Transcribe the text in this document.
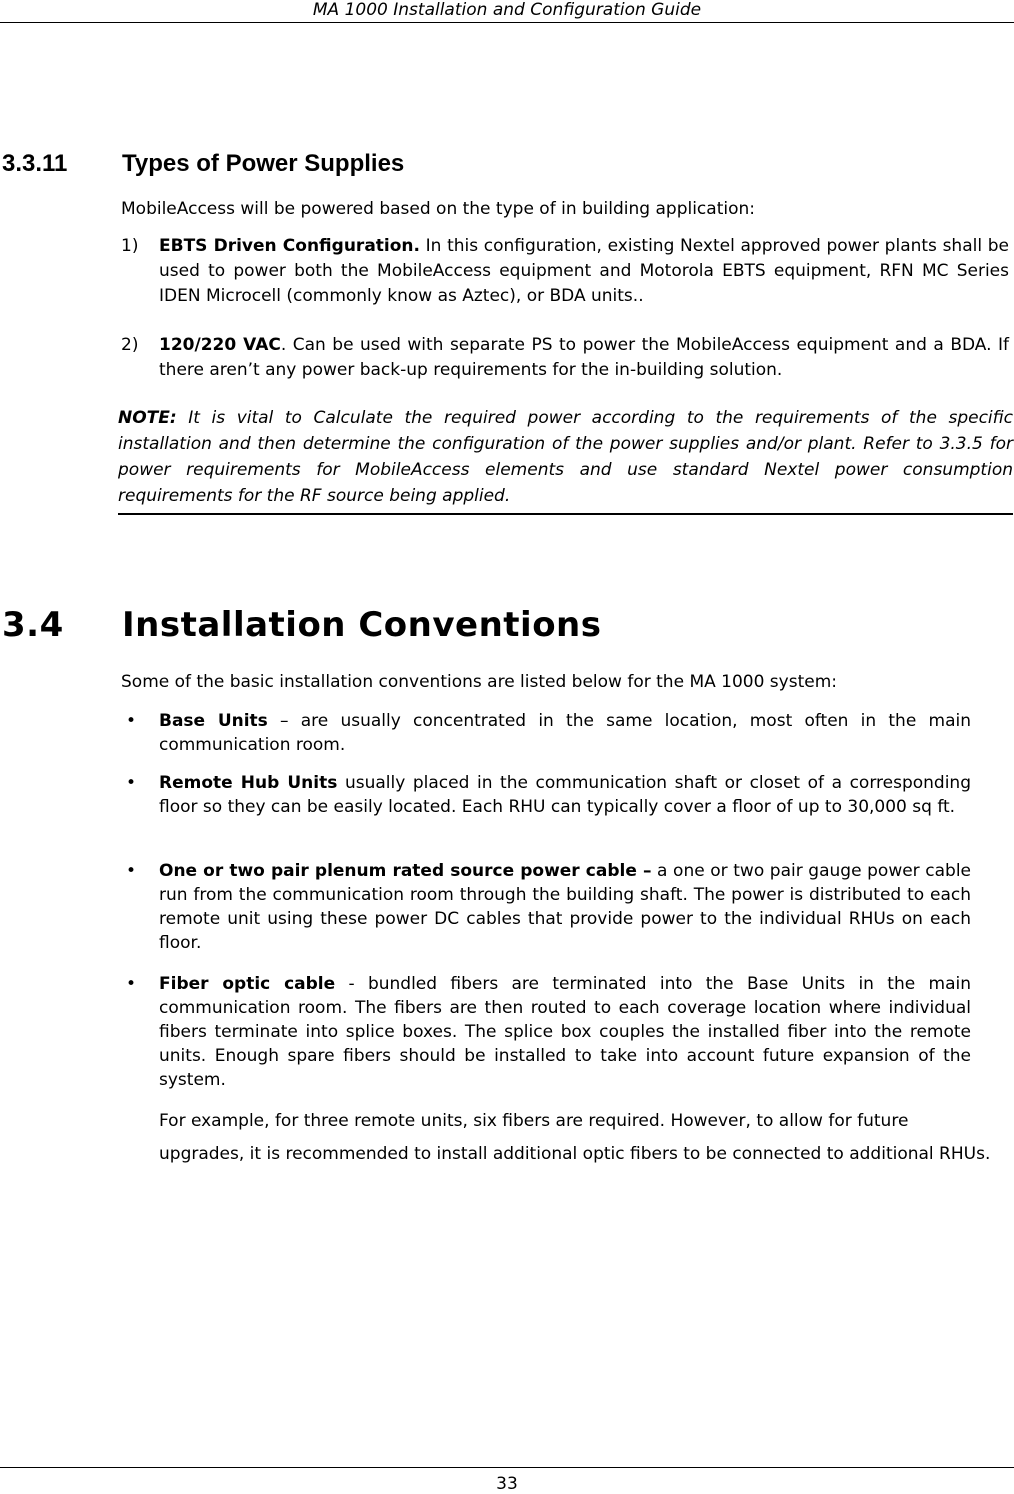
MA 1000 Installation and Configuration Guide
3.3.11 Types of Power Supplies
MobileAccess will be powered based on the type of in building application:
1) EBTS Driven Configuration. In this configuration, existing Nextel approved power plants shall be used to power both the MobileAccess equipment and Motorola EBTS equipment, RFN MC Series IDEN Microcell (commonly know as Aztec), or BDA units..
2) 120/220 VAC. Can be used with separate PS to power the MobileAccess equipment and a BDA. If there aren’t any power back-up requirements for the in-building solution.
NOTE: It is vital to Calculate the required power according to the requirements of the specific installation and then determine the configuration of the power supplies and/or plant. Refer to 3.3.5 for power requirements for MobileAccess elements and use standard Nextel power consumption requirements for the RF source being applied.
3.4 Installation Conventions
Some of the basic installation conventions are listed below for the MA 1000 system:
• Base Units – are usually concentrated in the same location, most often in the main communication room.
• Remote Hub Units usually placed in the communication shaft or closet of a corresponding floor so they can be easily located. Each RHU can typically cover a floor of up to 30,000 sq ft.
• One or two pair plenum rated source power cable – a one or two pair gauge power cable run from the communication room through the building shaft. The power is distributed to each remote unit using these power DC cables that provide power to the individual RHUs on each floor.
• Fiber optic cable - bundled fibers are terminated into the Base Units in the main communication room. The fibers are then routed to each coverage location where individual fibers terminate into splice boxes. The splice box couples the installed fiber into the remote units. Enough spare fibers should be installed to take into account future expansion of the system.
For example, for three remote units, six fibers are required. However, to allow for future upgrades, it is recommended to install additional optic fibers to be connected to additional RHUs.
33
